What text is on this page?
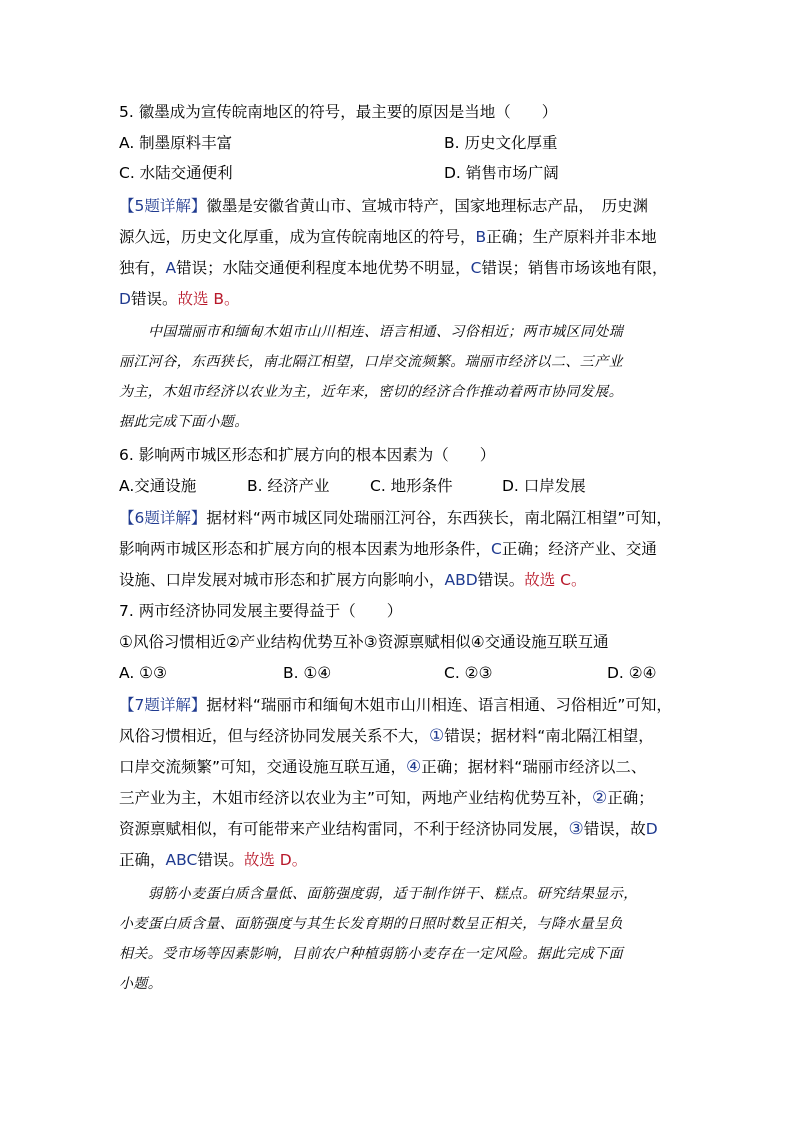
5. 徽墨成为宣传皖南地区的符号，最主要的原因是当地（　　）
A. 制墨原料丰富	B. 历史文化厚重
C. 水陆交通便利	D. 销售市场广阔
【5题详解】徽墨是安徽省黄山市、宣城市特产，国家地理标志产品，　历史渊
源久远，历史文化厚重，成为宣传皖南地区的符号，B正确；生产原料并非本地
独有，A错误；水陆交通便利程度本地优势不明显，C错误；销售市场该地有限，
D错误。故选 B。
中国瑞丽市和缅甸木姐市山川相连、语言相通、习俗相近；两市城区同处瑞
丽江河谷，东西狭长，南北隔江相望，口岸交流频繁。瑞丽市经济以二、三产业
为主，木姐市经济以农业为主，近年来，密切的经济合作推动着两市协同发展。
据此完成下面小题。
6. 影响两市城区形态和扩展方向的根本因素为（　　）
A.交通设施	B. 经济产业	C. 地形条件	D. 口岸发展
【6题详解】据材料“两市城区同处瑞丽江河谷，东西狭长，南北隔江相望”可知，
影响两市城区形态和扩展方向的根本因素为地形条件，C正确；经济产业、交通
设施、口岸发展对城市形态和扩展方向影响小，ABD错误。故选 C。
7. 两市经济协同发展主要得益于（　　）
①风俗习惯相近②产业结构优势互补③资源禀赋相似④交通设施互联互通
A. ①③	B. ①④	C. ②③	D. ②④
【7题详解】据材料“瑞丽市和缅甸木姐市山川相连、语言相通、习俗相近”可知，
风俗习惯相近，但与经济协同发展关系不大，①错误；据材料“南北隔江相望，
口岸交流频繁”可知，交通设施互联互通，④正确；据材料“瑞丽市经济以二、
三产业为主，木姐市经济以农业为主”可知，两地产业结构优势互补，②正确；
资源禀赋相似，有可能带来产业结构雷同，不利于经济协同发展，③错误，故D
正确，ABC错误。故选 D。
弱筋小麦蛋白质含量低、面筋强度弱，适于制作饼干、糕点。研究结果显示，
小麦蛋白质含量、面筋强度与其生长发育期的日照时数呈正相关，与降水量呈负
相关。受市场等因素影响，目前农户种植弱筋小麦存在一定风险。据此完成下面
小题。
